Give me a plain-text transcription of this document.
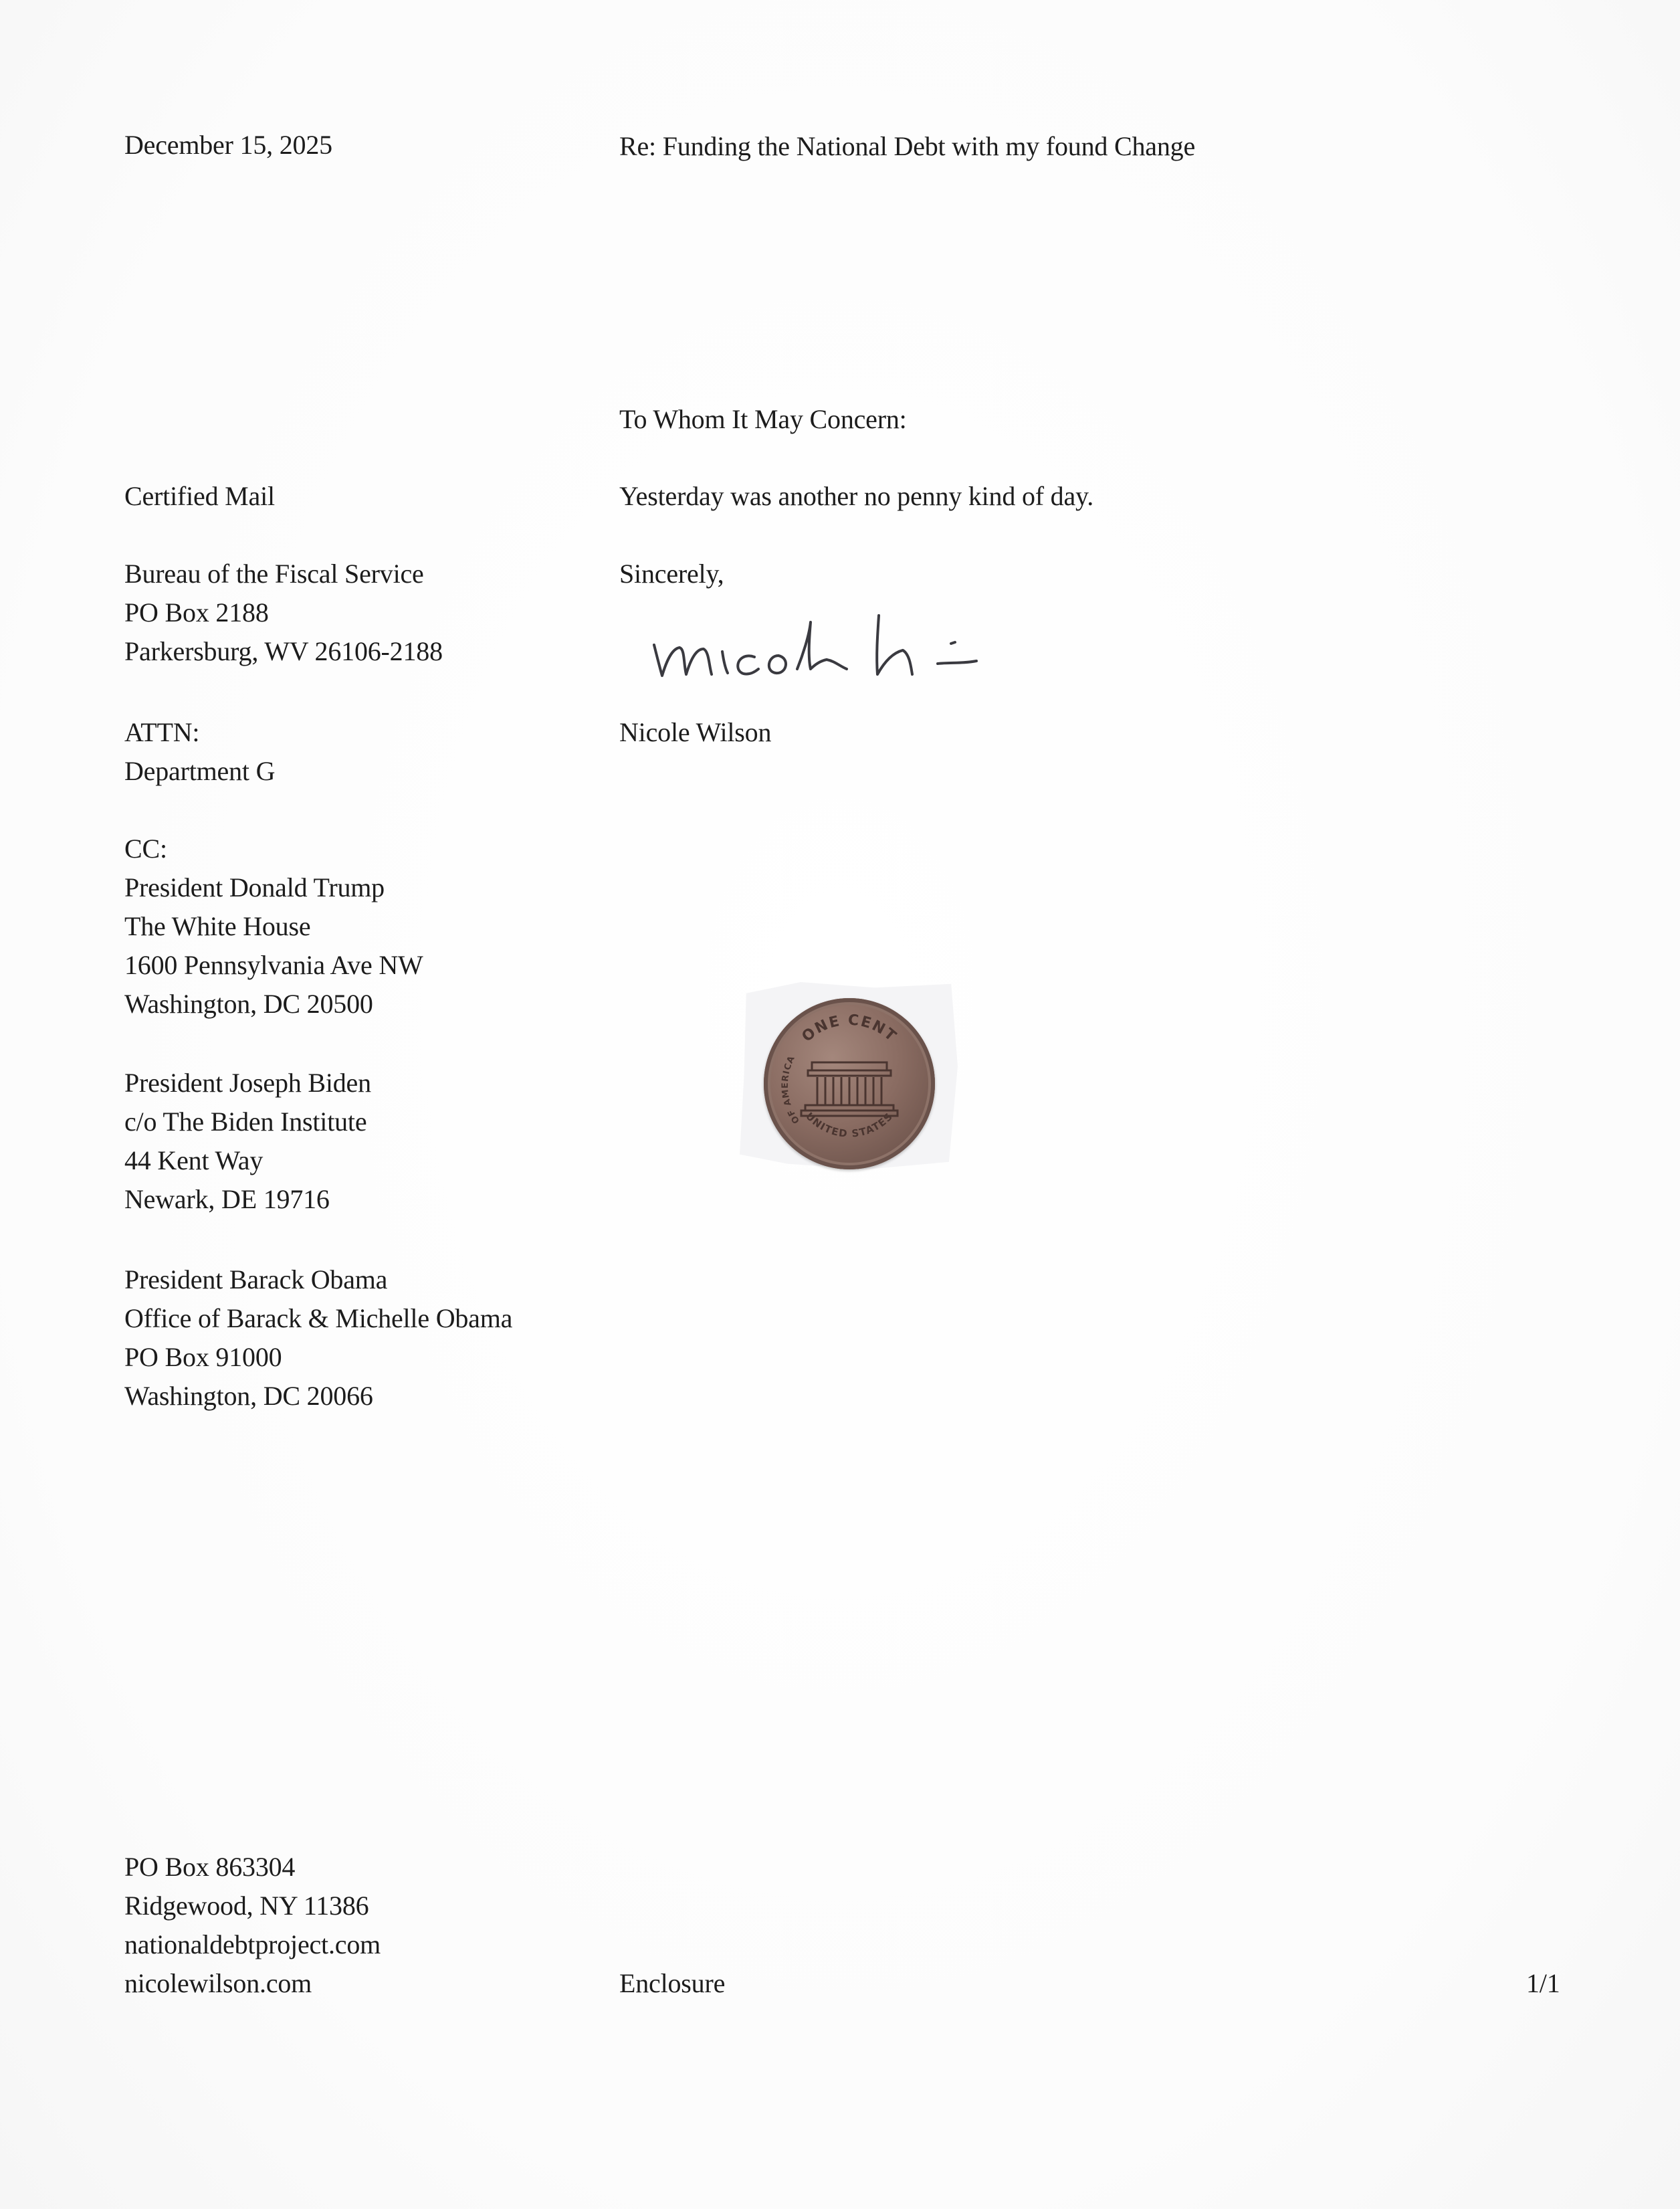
December 15, 2025	Re: Funding the National Debt with my found Change
To Whom It May Concern:
Yesterday was another no penny kind of day.
Sincerely,
Nicole Wilson
Certified Mail
Bureau of the Fiscal Service
PO Box 2188
Parkersburg, WV 26106-2188
ATTN:
Department G
CC:
President Donald Trump
The White House
1600 Pennsylvania Ave NW
Washington, DC 20500
President Joseph Biden
c/o The Biden Institute
44 Kent Way
Newark, DE 19716
President Barack Obama
Office of Barack & Michelle Obama
PO Box 91000
Washington, DC 20066
ONE CENT
UNITED STATES
OF AMERICA
PO Box 863304
Ridgewood, NY 11386
nationaldebtproject.com
nicolewilson.com	Enclosure	1/1
